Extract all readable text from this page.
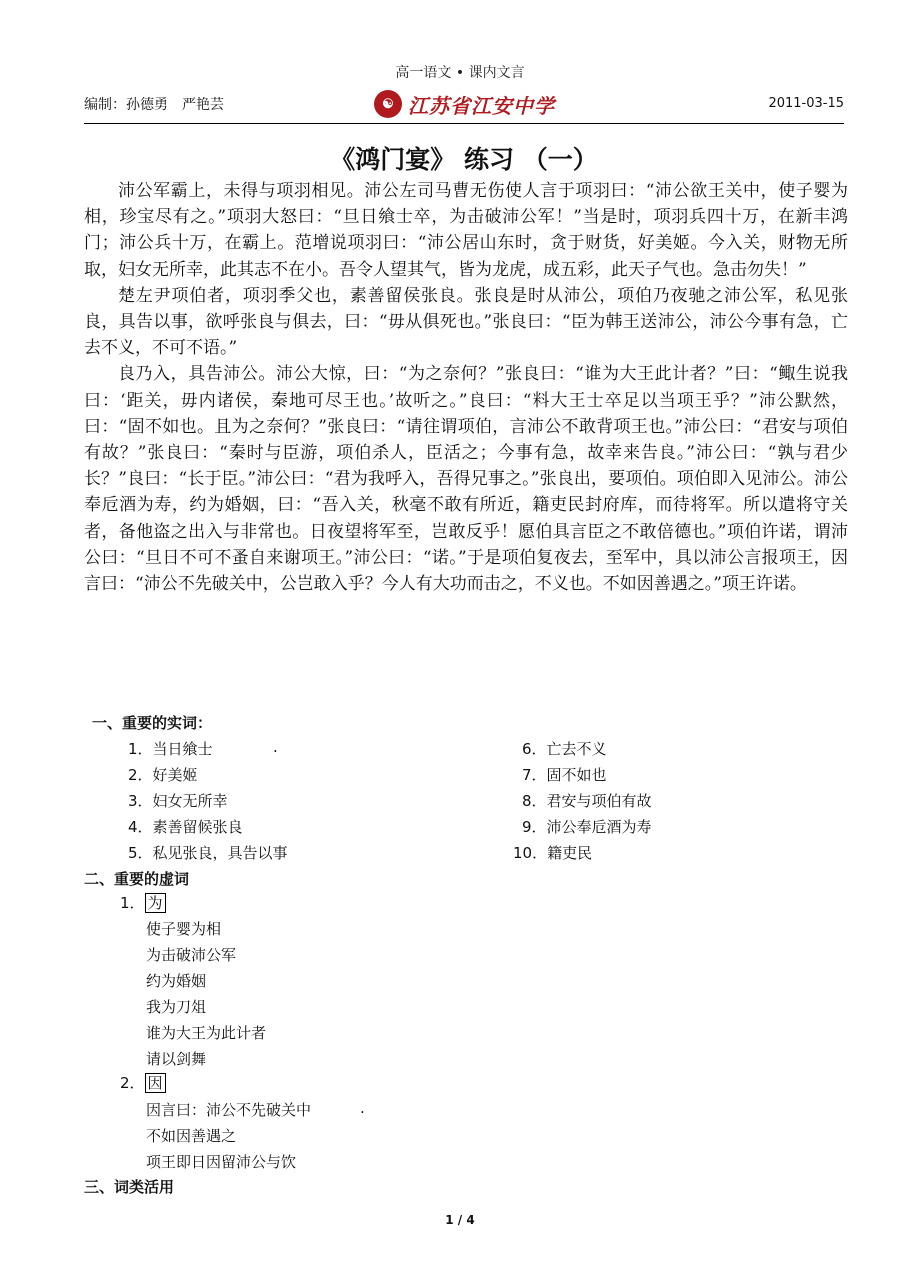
高一语文 • 课内文言
编制：孙德勇　严艳芸	☯ 江苏省江安中学	2011-03-15
《鸿门宴》 练习 （一）

沛公军霸上，未得与项羽相见。沛公左司马曹无伤使人言于项羽曰：“沛公欲王关中，使子婴为相，珍宝尽有之。”项羽大怒曰：“旦日飨士卒，为击破沛公军！”当是时，项羽兵四十万，在新丰鸿门；沛公兵十万，在霸上。范增说项羽曰：“沛公居山东时，贪于财货，好美姬。今入关，财物无所取，妇女无所幸，此其志不在小。吾令人望其气，皆为龙虎，成五彩，此天子气也。急击勿失！”

楚左尹项伯者，项羽季父也，素善留侯张良。张良是时从沛公，项伯乃夜驰之沛公军，私见张良，具告以事，欲呼张良与俱去，曰：“毋从俱死也。”张良曰：“臣为韩王送沛公，沛公今事有急，亡去不义，不可不语。”

良乃入，具告沛公。沛公大惊，曰：“为之奈何？”张良曰：“谁为大王此计者？”曰：“鲰生说我曰：‘距关，毋内诸侯，秦地可尽王也。’故听之。”良曰：“料大王士卒足以当项王乎？”沛公默然，曰：“固不如也。且为之奈何？”张良曰：“请往谓项伯，言沛公不敢背项王也。”沛公曰：“君安与项伯有故？”张良曰：“秦时与臣游，项伯杀人，臣活之；今事有急，故幸来告良。”沛公曰：“孰与君少长？”良曰：“长于臣。”沛公曰：“君为我呼入，吾得兄事之。”张良出，要项伯。项伯即入见沛公。沛公奉卮酒为寿，约为婚姻，曰：“吾入关，秋毫不敢有所近，籍吏民封府库，而待将军。所以遣将守关者，备他盗之出入与非常也。日夜望将军至，岂敢反乎！愿伯具言臣之不敢倍德也。”项伯许诺，谓沛公曰：“旦日不可不蚤自来谢项王。”沛公曰：“诺。”于是项伯复夜去，至军中，具以沛公言报项王，因言曰：“沛公不先破关中，公岂敢入乎？今人有大功而击之，不义也。不如因善遇之。”项王许诺。

一、重要的实词：
1．当日飨士	.
2．好美姬
3．妇女无所幸
4．素善留候张良
5．私见张良，具告以事
6．亡去不义
7．固不如也
8．君安与项伯有故
9．沛公奉卮酒为寿
10．籍吏民
二、重要的虚词
1． 为
使子婴为相
为击破沛公军
约为婚姻
我为刀俎
谁为大王为此计者
请以剑舞
2． 因
因言曰：沛公不先破关中	.
不如因善遇之
项王即日因留沛公与饮
三、词类活用
1 / 4
